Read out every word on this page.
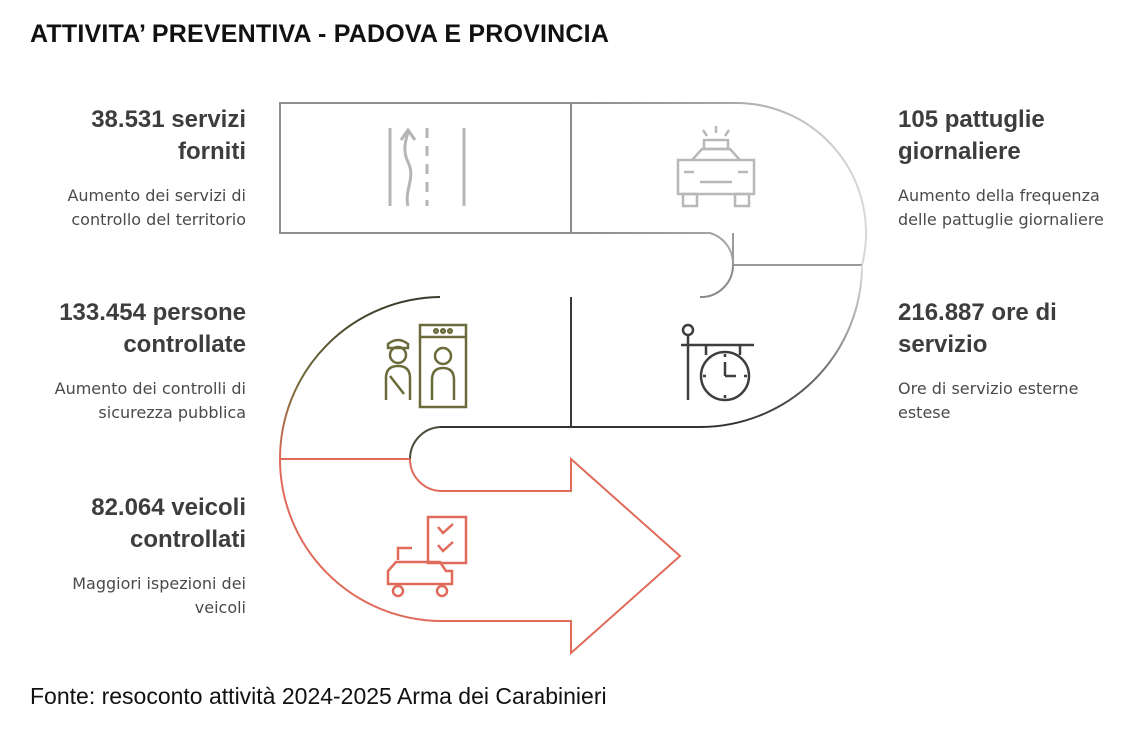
ATTIVITA’ PREVENTIVA - PADOVA E PROVINCIA
38.531 servizi
forniti
Aumento dei servizi di
controllo del territorio
105 pattuglie
giornaliere
Aumento della frequenza
delle pattuglie giornaliere
133.454 persone
controllate
Aumento dei controlli di
sicurezza pubblica
216.887 ore di
servizio
Ore di servizio esterne
estese
82.064 veicoli
controllati
Maggiori ispezioni dei
veicoli
Fonte: resoconto attività 2024-2025 Arma dei Carabinieri
